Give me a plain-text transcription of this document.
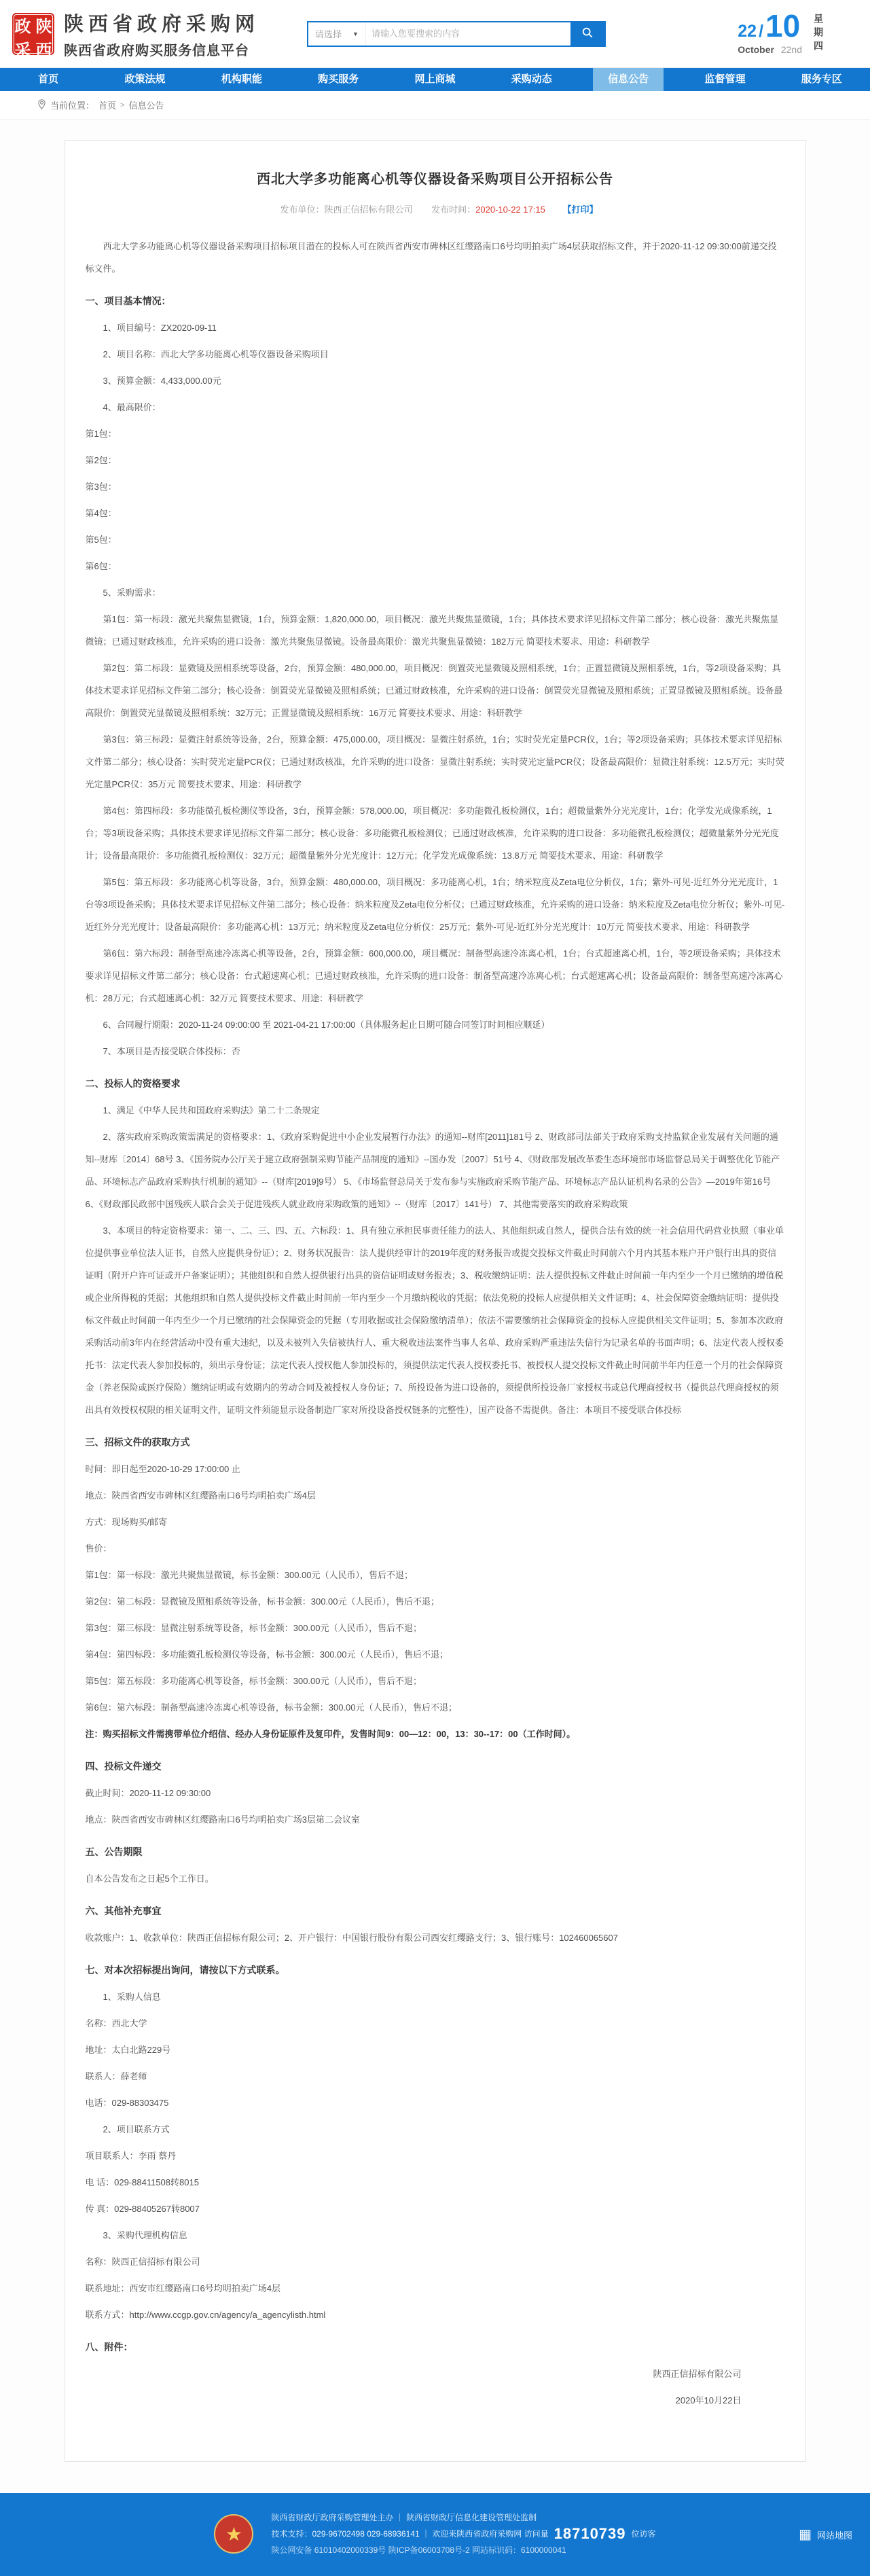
政 陕
采 西
陕西省政府采购网
陕西省政府购买服务信息平台
请选择 ▼
请输入您要搜索的内容	22 / 10
October 22nd 星期四
首页	政策法规	机构职能	购买服务	网上商城	采购动态	信息公告	监督管理	服务专区
当前位置： 首页 > 信息公告
西北大学多功能离心机等仪器设备采购项目公开招标公告
发布单位：陕西正信招标有限公司 发布时间：2020-10-22 17:15 【打印】

西北大学多功能离心机等仪器设备采购项目招标项目潜在的投标人可在陕西省西安市碑林区红缨路南口6号均明拍卖广场4层获取招标文件，并于2020-11-12 09:30:00前递交投标文件。

一、项目基本情况：

1、项目编号：ZX2020-09-11

2、项目名称：西北大学多功能离心机等仪器设备采购项目

3、预算金额：4,433,000.00元

4、最高限价：

第1包：

第2包：

第3包：

第4包：

第5包：

第6包：

5、采购需求：

第1包：第一标段：激光共聚焦显微镜，1台，预算金额：1,820,000.00，项目概况：激光共聚焦显微镜，1台；具体技术要求详见招标文件第二部分；核心设备：激光共聚焦显微镜；已通过财政核准，允许采购的进口设备：激光共聚焦显微镜。设备最高限价：激光共聚焦显微镜：182万元 简要技术要求、用途：科研教学

第2包：第二标段：显微镜及照相系统等设备，2台，预算金额：480,000.00，项目概况：倒置荧光显微镜及照相系统，1台；正置显微镜及照相系统，1台，等2项设备采购；具体技术要求详见招标文件第二部分；核心设备：倒置荧光显微镜及照相系统；已通过财政核准，允许采购的进口设备：倒置荧光显微镜及照相系统；正置显微镜及照相系统。设备最高限价：倒置荧光显微镜及照相系统：32万元；正置显微镜及照相系统：16万元 简要技术要求、用途：科研教学

第3包：第三标段：显微注射系统等设备，2台，预算金额：475,000.00，项目概况：显微注射系统，1台；实时荧光定量PCR仪，1台；等2项设备采购；具体技术要求详见招标文件第二部分；核心设备：实时荧光定量PCR仪；已通过财政核准，允许采购的进口设备：显微注射系统；实时荧光定量PCR仪；设备最高限价：显微注射系统：12.5万元；实时荧光定量PCR仪：35万元 简要技术要求、用途：科研教学

第4包：第四标段：多功能微孔板检测仪等设备，3台，预算金额：578,000.00，项目概况：多功能微孔板检测仪，1台；超微量紫外分光光度计，1台；化学发光成像系统，1台；等3项设备采购；具体技术要求详见招标文件第二部分；核心设备：多功能微孔板检测仪；已通过财政核准，允许采购的进口设备：多功能微孔板检测仪；超微量紫外分光光度计；设备最高限价：多功能微孔板检测仪：32万元；超微量紫外分光光度计：12万元；化学发光成像系统：13.8万元 简要技术要求、用途：科研教学

第5包：第五标段：多功能离心机等设备，3台，预算金额：480,000.00，项目概况：多功能离心机，1台；纳米粒度及Zeta电位分析仪，1台；紫外-可见-近红外分光光度计，1台等3项设备采购；具体技术要求详见招标文件第二部分；核心设备：纳米粒度及Zeta电位分析仪；已通过财政核准，允许采购的进口设备：纳米粒度及Zeta电位分析仪；紫外-可见-近红外分光光度计；设备最高限价：多功能离心机：13万元；纳米粒度及Zeta电位分析仪：25万元；紫外-可见-近红外分光光度计：10万元 简要技术要求、用途：科研教学

第6包：第六标段：制备型高速冷冻离心机等设备，2台，预算金额：600,000.00，项目概况：制备型高速冷冻离心机，1台；台式超速离心机，1台，等2项设备采购；具体技术要求详见招标文件第二部分；核心设备：台式超速离心机；已通过财政核准，允许采购的进口设备：制备型高速冷冻离心机；台式超速离心机；设备最高限价：制备型高速冷冻离心机：28万元；台式超速离心机：32万元 简要技术要求、用途：科研教学

6、合同履行期限：2020-11-24 09:00:00 至 2021-04-21 17:00:00（具体服务起止日期可随合同签订时间相应顺延）

7、本项目是否接受联合体投标：否

二、投标人的资格要求

1、满足《中华人民共和国政府采购法》第二十二条规定

2、落实政府采购政策需满足的资格要求：1、《政府采购促进中小企业发展暂行办法》的通知--财库[2011]181号 2、财政部司法部关于政府采购支持监狱企业发展有关问题的通知--财库〔2014〕68号 3、《国务院办公厅关于建立政府强制采购节能产品制度的通知》--国办发〔2007〕51号 4、《财政部发展改革委生态环境部市场监督总局关于调整优化节能产品、环境标志产品政府采购执行机制的通知》--（财库[2019]9号） 5、《市场监督总局关于发布参与实施政府采购节能产品、环境标志产品认证机构名录的公告》—2019年第16号 6、《财政部民政部中国残疾人联合会关于促进残疾人就业政府采购政策的通知》--（财库〔2017〕141号） 7、其他需要落实的政府采购政策

3、本项目的特定资格要求：第一、二、三、四、五、六标段：1、具有独立承担民事责任能力的法人、其他组织或自然人，提供合法有效的统一社会信用代码营业执照（事业单位提供事业单位法人证书，自然人应提供身份证）；2、财务状况报告：法人提供经审计的2019年度的财务报告或提交投标文件截止时间前六个月内其基本账户开户银行出具的资信证明（附开户许可证或开户备案证明）；其他组织和自然人提供银行出具的资信证明或财务报表；3、税收缴纳证明：法人提供投标文件截止时间前一年内至少一个月已缴纳的增值税或企业所得税的凭据；其他组织和自然人提供投标文件截止时间前一年内至少一个月缴纳税收的凭据；依法免税的投标人应提供相关文件证明；4、社会保障资金缴纳证明：提供投标文件截止时间前一年内至少一个月已缴纳的社会保障资金的凭据（专用收据或社会保险缴纳清单）；依法不需要缴纳社会保障资金的投标人应提供相关文件证明；5、参加本次政府采购活动前3年内在经营活动中没有重大违纪，以及未被列入失信被执行人、重大税收违法案件当事人名单、政府采购严重违法失信行为记录名单的书面声明；6、法定代表人授权委托书：法定代表人参加投标的，须出示身份证；法定代表人授权他人参加投标的，须提供法定代表人授权委托书、被授权人提交投标文件截止时间前半年内任意一个月的社会保障资金（养老保险或医疗保险）缴纳证明或有效期内的劳动合同及被授权人身份证；7、所投设备为进口设备的，须提供所投设备厂家授权书或总代理商授权书（提供总代理商授权的须出具有效授权权限的相关证明文件，证明文件须能显示设备制造厂家对所投设备授权链条的完整性），国产设备不需提供。备注：本项目不接受联合体投标

三、招标文件的获取方式

时间：即日起至2020-10-29 17:00:00 止

地点：陕西省西安市碑林区红缨路南口6号均明拍卖广场4层

方式：现场购买/邮寄

售价：

第1包：第一标段：激光共聚焦显微镜，标书金额：300.00元（人民币），售后不退；

第2包：第二标段：显微镜及照相系统等设备，标书金额：300.00元（人民币），售后不退；

第3包：第三标段：显微注射系统等设备，标书金额：300.00元（人民币），售后不退；

第4包：第四标段：多功能微孔板检测仪等设备，标书金额：300.00元（人民币），售后不退；

第5包：第五标段：多功能离心机等设备，标书金额：300.00元（人民币），售后不退；

第6包：第六标段：制备型高速冷冻离心机等设备，标书金额：300.00元（人民币），售后不退；

注：购买招标文件需携带单位介绍信、经办人身份证原件及复印件，发售时间9：00—12：00，13：30--17：00（工作时间）。

四、投标文件递交

截止时间：2020-11-12 09:30:00

地点：陕西省西安市碑林区红缨路南口6号均明拍卖广场3层第二会议室

五、公告期限

自本公告发布之日起5个工作日。

六、其他补充事宜

收款账户：1、收款单位：陕西正信招标有限公司；2、开户银行：中国银行股份有限公司西安红缨路支行；3、银行账号：102460065607

七、对本次招标提出询问，请按以下方式联系。

1、采购人信息

名称：西北大学

地址：太白北路229号

联系人：薛老师

电话：029-88303475

2、项目联系方式

项目联系人：李雨 蔡丹

电 话：029-88411508转8015

传 真：029-88405267转8007

3、采购代理机构信息

名称：陕西正信招标有限公司

联系地址：西安市红缨路南口6号均明拍卖广场4层

联系方式：http://www.ccgp.gov.cn/agency/a_agencylisth.html

八、附件：

陕西正信招标有限公司

2020年10月22日

★
陕西省财政厅政府采购管理处主办 ｜ 陕西省财政厅信息化建设管理处监制
技术支持：029-96702498 029-68936141 ｜ 欢迎来陕西省政府采购网 访问量 18710739 位访客
陕公网安备 61010402000339号 陕ICP备06003708号-2 网站标识码：6100000041
▦ 网站地图
